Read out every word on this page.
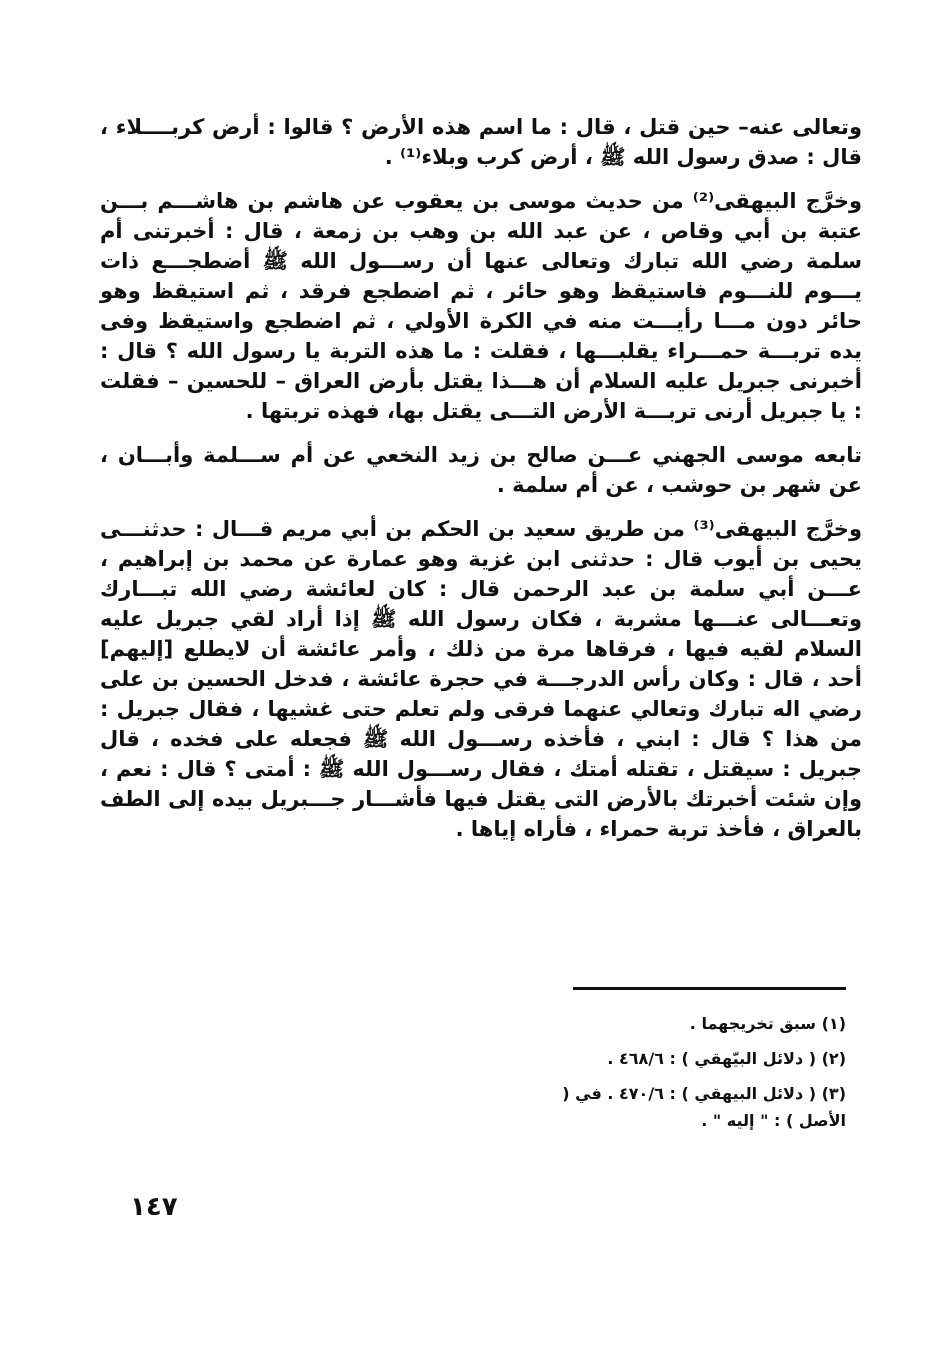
وتعالى عنه– حين قتل ، قال : ما اسم هذه الأرض ؟ قالوا : أرض كربــــلاء ، قال : صدق رسول الله ﷺ ، أرض كرب وبلاء⁽¹⁾ .

وخرَّج البيهقى⁽²⁾ من حديث موسى بن يعقوب عن هاشم بن هاشـــم بـــن عتبة بن أبي وقاص ، عن عبد الله بن وهب بن زمعة ، قال : أخبرتنى أم سلمة رضي الله تبارك وتعالى عنها أن رســـول الله ﷺ أضطجـــع ذات يـــوم للنـــوم فاستيقظ وهو حائر ، ثم اضطجع فرقد ، ثم استيقظ وهو حائر دون مـــا رأيـــت منه في الكرة الأولي ، ثم اضطجع واستيقظ وفى يده تربـــة حمـــراء يقلبـــها ، فقلت : ما هذه التربة يا رسول الله ؟ قال : أخبرنى جبريل عليه السلام أن هـــذا يقتل بأرض العراق – للحسين – فقلت : يا جبريل أرنى تربـــة الأرض التـــى يقتل بها، فهذه تربتها .

تابعه موسى الجهني عـــن صالح بن زيد النخعي عن أم ســـلمة وأبـــان ، عن شهر بن حوشب ، عن أم سلمة .

وخرَّج البيهقى⁽³⁾ من طريق سعيد بن الحكم بن أبي مريم قـــال : حدثنـــى يحيى بن أيوب قال : حدثنى ابن غزية وهو عمارة عن محمد بن إبراهيم ، عـــن أبي سلمة بن عبد الرحمن قال : كان لعائشة رضي الله تبـــارك وتعـــالى عنـــها مشربة ، فكان رسول الله ﷺ إذا أراد لقي جبريل عليه السلام لقيه فيها ، فرقاها مرة من ذلك ، وأمر عائشة أن لايطلع [إليهم] أحد ، قال : وكان رأس الدرجـــة في حجرة عائشة ، فدخل الحسين بن على رضي اله تبارك وتعالي عنهما فرقى ولم تعلم حتى غشيها ، فقال جبريل : من هذا ؟ قال : ابني ، فأخذه رســـول الله ﷺ فجعله على فخده ، قال جبريل : سيقتل ، تقتله أمتك ، فقال رســـول الله ﷺ : أمتى ؟ قال : نعم ، وإن شئت أخبرتك بالأرض التى يقتل فيها فأشـــار جـــبريل بيده إلى الطف بالعراق ، فأخذ تربة حمراء ، فأراه إياها .

(١) سبق تخريجهما .

(٢) ( دلائل البيّهقي ) : ٤٦٨/٦ .

(٣) ( دلائل البيهقي ) : ٤٧٠/٦ . في ( الأصل ) : " إليه " .

١٤٧
